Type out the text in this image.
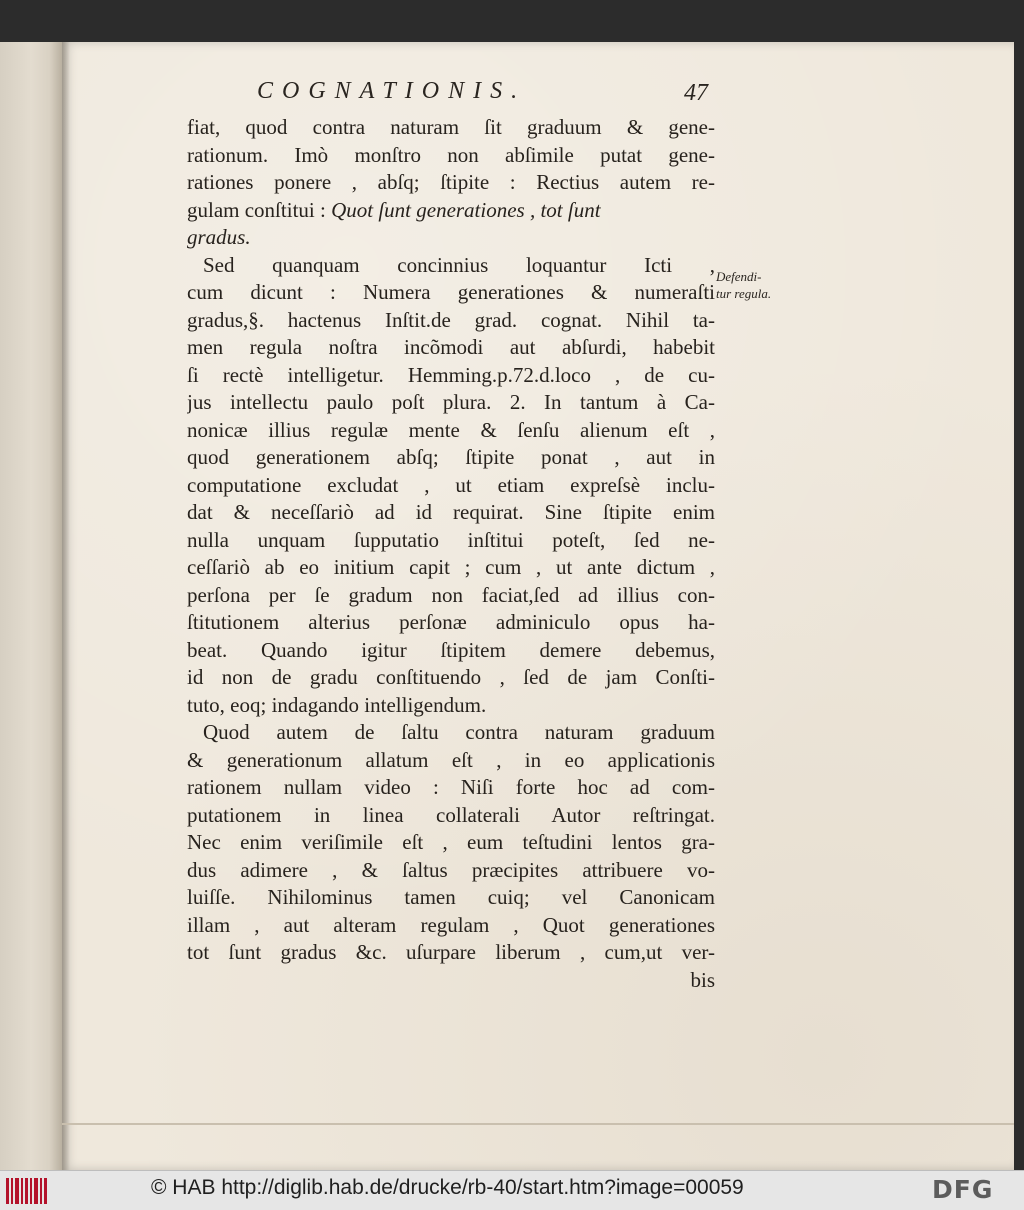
COGNATIONIS.	47
fiat, quod contra naturam ſit graduum & gene-
rationum. Imò monſtro non abſimile putat gene-
rationes ponere , abſq; ſtipite : Rectius autem re-
gulam conſtitui : Quot ſunt generationes , tot ſunt
gradus.
Sed quanquam concinnius loquantur Icti ,
cum dicunt : Numera generationes & numeraſti
gradus,§. hactenus Inſtit.de grad. cognat. Nihil ta-
men regula noſtra incõmodi aut abſurdi, habebit
ſi rectè intelligetur. Hemming.p.72.d.loco , de cu-
jus intellectu paulo poſt plura. 2. In tantum à Ca-
nonicæ illius regulæ mente & ſenſu alienum eſt ,
quod generationem abſq; ſtipite ponat , aut in
computatione excludat , ut etiam expreſsè inclu-
dat & neceſſariò ad id requirat. Sine ſtipite enim
nulla unquam ſupputatio inſtitui poteſt, ſed ne-
ceſſariò ab eo initium capit ; cum , ut ante dictum ,
perſona per ſe gradum non faciat,ſed ad illius con-
ſtitutionem alterius perſonæ adminiculo opus ha-
beat. Quando igitur ſtipitem demere debemus,
id non de gradu conſtituendo , ſed de jam Conſti-
tuto, eoq; indagando intelligendum.
Quod autem de ſaltu contra naturam graduum
& generationum allatum eſt , in eo applicationis
rationem nullam video : Niſi forte hoc ad com-
putationem in linea collaterali Autor reſtringat.
Nec enim veriſimile eſt , eum teſtudini lentos gra-
dus adimere , & ſaltus præcipites attribuere vo-
luiſſe. Nihilominus tamen cuiq; vel Canonicam
illam , aut alteram regulam , Quot generationes
tot ſunt gradus &c. uſurpare liberum , cum,ut ver-
bis
Defendi-
tur regula.
© HAB http://diglib.hab.de/drucke/rb-40/start.htm?image=00059	DFG
